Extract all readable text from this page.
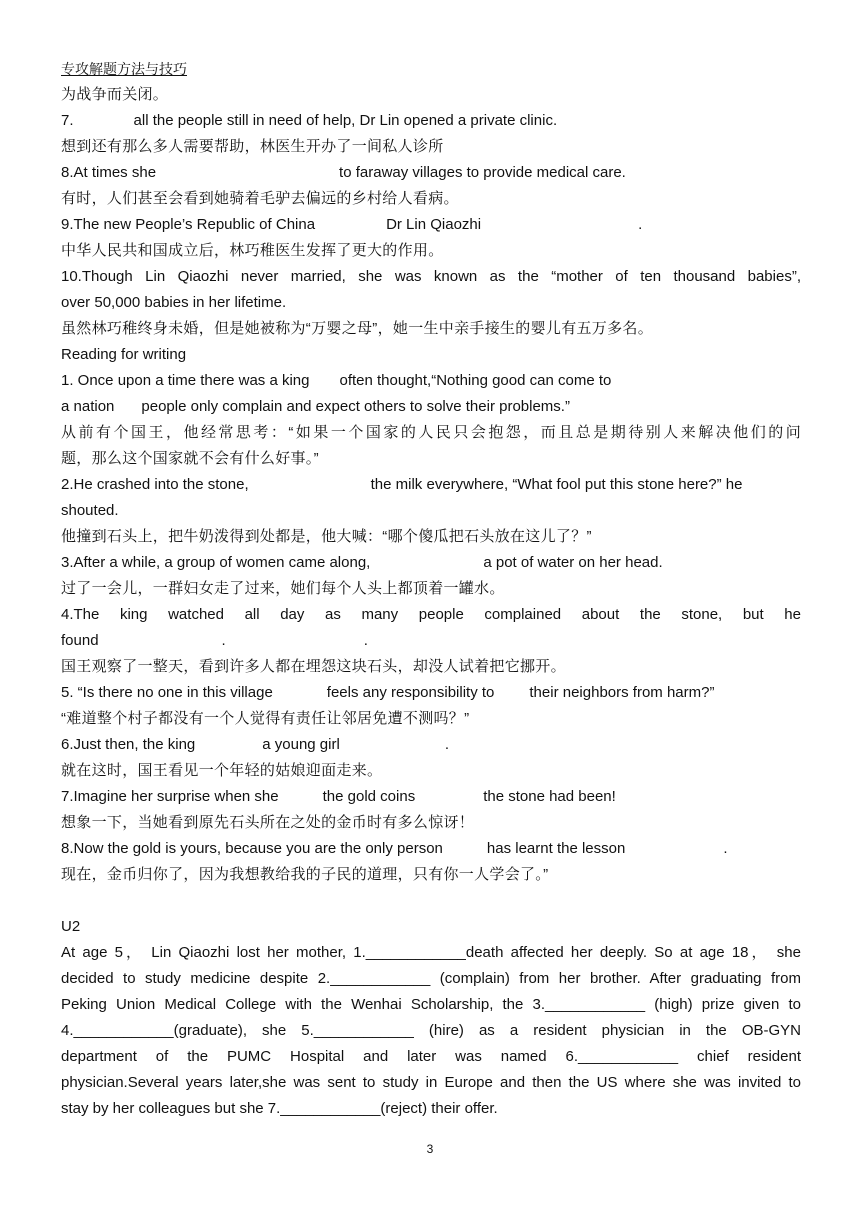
专攻解题方法与技巧
为战争而关闭。
7.	all the people still in need of help, Dr Lin opened a private clinic.
想到还有那么多人需要帮助，林医生开办了一间私人诊所
8.At times she	to faraway villages to provide medical care.
有时，人们甚至会看到她骑着毛驴去偏远的乡村给人看病。
9.The new People’s Republic of China	Dr Lin Qiaozhi	.
中华人民共和国成立后，林巧稚医生发挥了更大的作用。
10.Though Lin Qiaozhi never married, she was known as the “mother of ten thousand babies”,
over 50,000 babies in her lifetime.
虽然林巧稚终身未婚，但是她被称为“万婴之母”，她一生中亲手接生的婴儿有五万多名。
Reading for writing
1. Once upon a time there was a king often thought,“Nothing good can come to
a nation people only complain and expect others to solve their problems.”
从前有个国王，他经常思考：“如果一个国家的人民只会抱怨，而且总是期待别人来解决他们的问
题，那么这个国家就不会有什么好事。”
2.He crashed into the stone,	the milk everywhere, “What fool put this stone here?” he
shouted.
他撞到石头上，把牛奶泼得到处都是，他大喊：“哪个傻瓜把石头放在这儿了？”
3.After a while, a group of women came along,	a pot of water on her head.
过了一会儿，一群妇女走了过来，她们每个人头上都顶着一罐水。
4.The king watched all day as many people complained about the stone, but he
found	.	.
国王观察了一整天，看到许多人都在埋怨这块石头，却没人试着把它挪开。
5. “Is there no one in this village	feels any responsibility to their neighbors from harm?”
“难道整个村子都没有一个人觉得有责任让邻居免遭不测吗？”
6.Just then, the king	a young girl	.
就在这时，国王看见一个年轻的姑娘迎面走来。
7.Imagine her surprise when she	the gold coins	the stone had been!
想象一下，当她看到原先石头所在之处的金币时有多么惊讶！
8.Now the gold is yours, because you are the only person	has learnt the lesson	.
现在，金币归你了，因为我想教给我的子民的道理，只有你一人学会了。”
U2
At age 5， Lin Qiaozhi lost her mother, 1.____________death affected her deeply. So at age 18， she
decided to study medicine despite 2.____________ (complain) from her brother. After graduating from
Peking Union Medical College with the Wenhai Scholarship, the 3.____________ (high) prize given to
4.____________(graduate), she 5.____________ (hire) as a resident physician in the OB-GYN
department of the PUMC Hospital and later was named 6.____________ chief resident
physician.Several years later,she was sent to study in Europe and then the US where she was invited to
stay by her colleagues but she 7.____________(reject) their offer.
3
